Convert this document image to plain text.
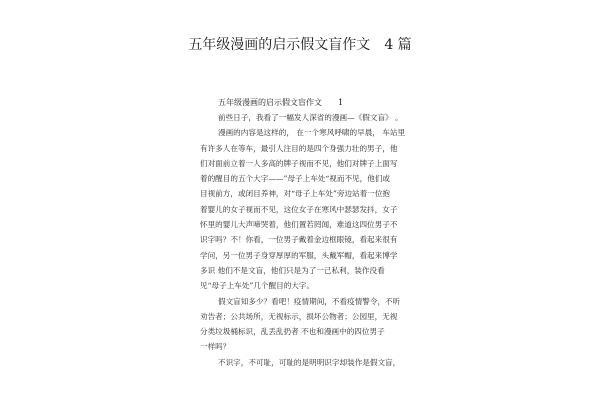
五年级漫画的启示假文盲作文 4 篇
五年级漫画的启示假文盲作文 1
前些日子，我看了一幅发人深省的漫画—《假文盲》 。
漫画的内容是这样的， 在一个寒风呼啸的早晨， 车站里
有许多人在等车，最引人注目的是四个身强力壮的男子，他
们对面前立着一人多高的牌子视而不见，他们对牌子上面写
着的醒目的五个大字——”母子上车处“视而不见，他们或
目视前方，或闭目养神，对“母子上车处”旁边站着一位抱
着婴儿的女子视而不见，这位女子在寒风中瑟瑟发抖，女子
怀里的婴儿大声啼哭着，他们置若罔闻，难道这四位男子不
识字吗？不！你看，一位男子戴着金边框眼镜，看起来很有
学问，另一位男子身穿厚厚的军服，头戴军帽，看起来博学
多识 他们不是文盲，他们只是为了一己私利，装作没看
见“母子上车处”几个醒目的大字。
假文盲知多少？看吧！疫情期间，不看疫情警令，不听
劝告者；公共场所，无视标示，损坏公物者；公园里，无视
分类垃圾桶标识，乱丢乱扔者 不也和漫画中的四位男子
一样吗？
不识字，不可耻，可耻的是明明识字却装作是假文盲，
